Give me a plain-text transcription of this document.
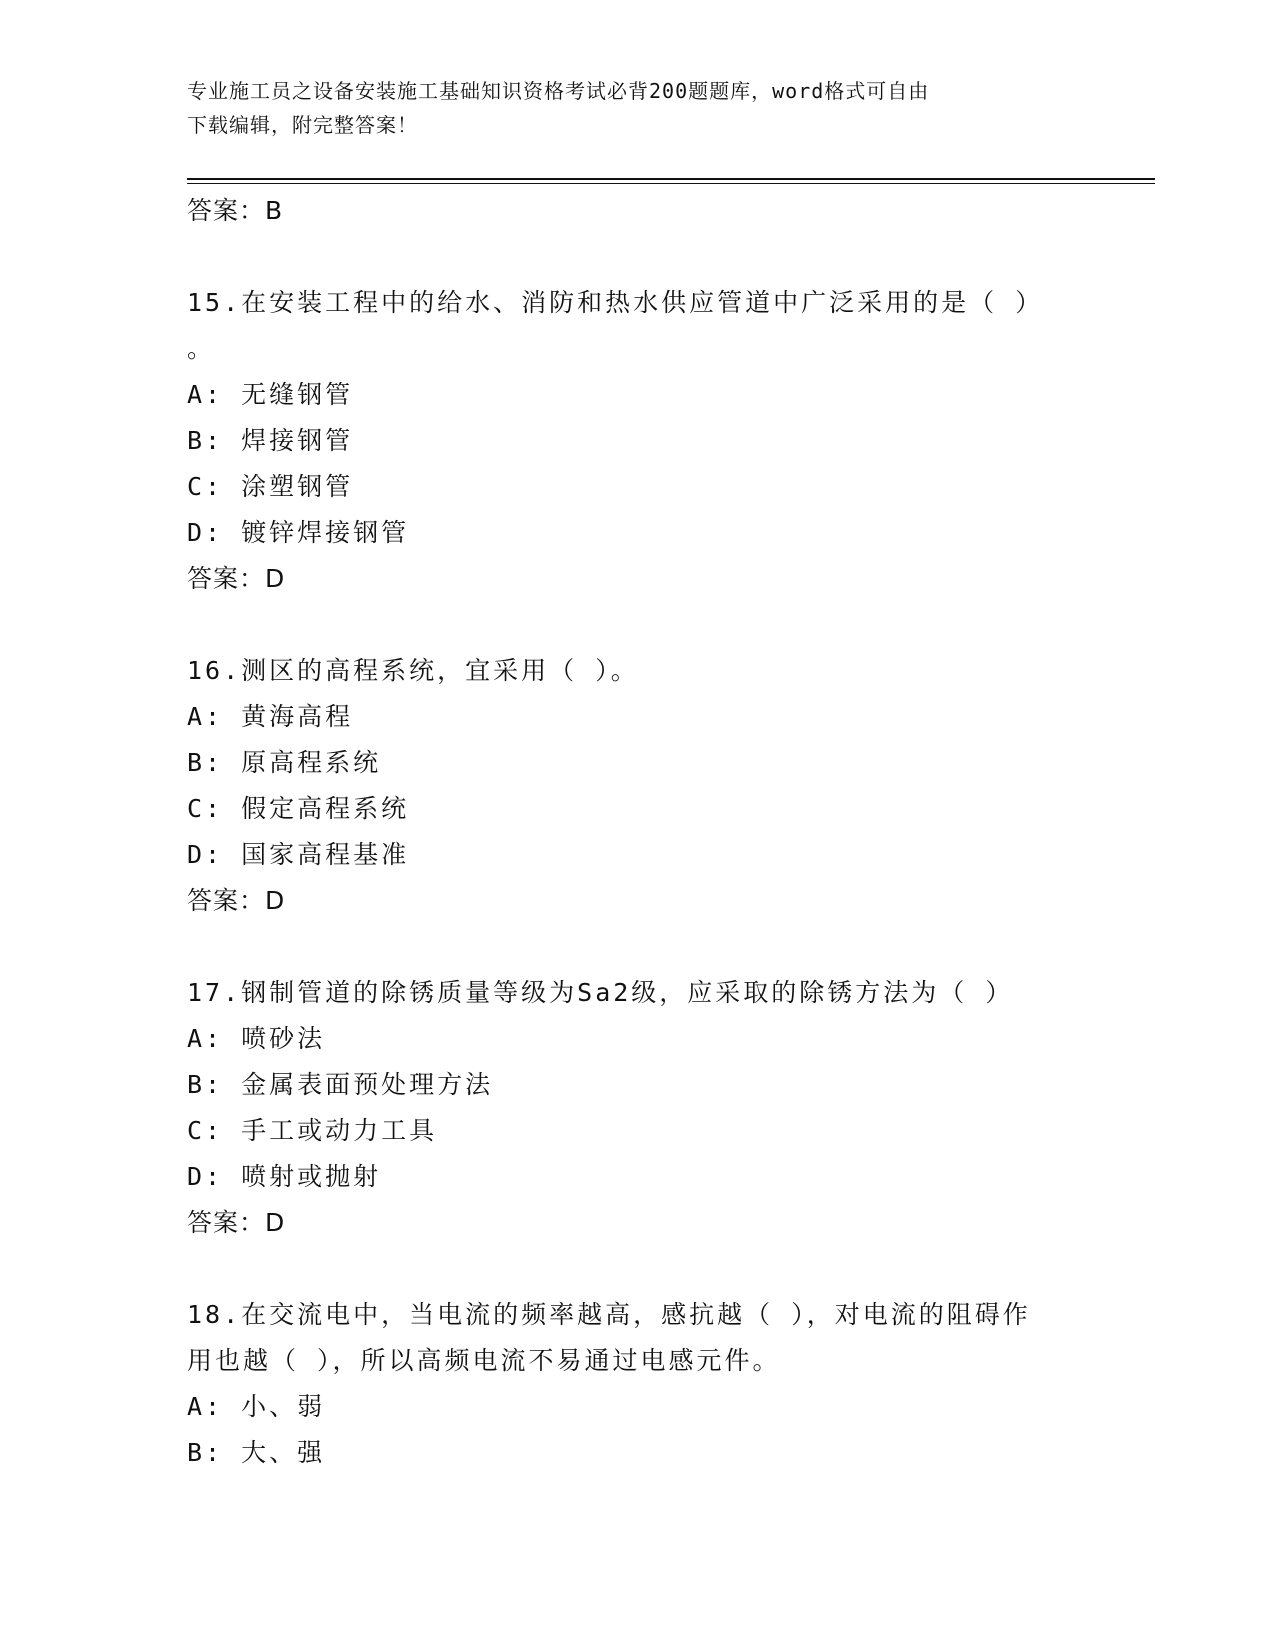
专业施工员之设备安装施工基础知识资格考试必背200题题库，word格式可自由
下载编辑，附完整答案！
答案：B
15.在安装工程中的给水、消防和热水供应管道中广泛采用的是（ ）
。
A: 无缝钢管
B: 焊接钢管
C: 涂塑钢管
D: 镀锌焊接钢管
答案：D
16.测区的高程系统，宜采用（ ）。
A: 黄海高程
B: 原高程系统
C: 假定高程系统
D: 国家高程基准
答案：D
17.钢制管道的除锈质量等级为Sa2级，应采取的除锈方法为（ ）
A: 喷砂法
B: 金属表面预处理方法
C: 手工或动力工具
D: 喷射或抛射
答案：D
18.在交流电中，当电流的频率越高，感抗越（ ），对电流的阻碍作
用也越（ ），所以高频电流不易通过电感元件。
A: 小、弱
B: 大、强
